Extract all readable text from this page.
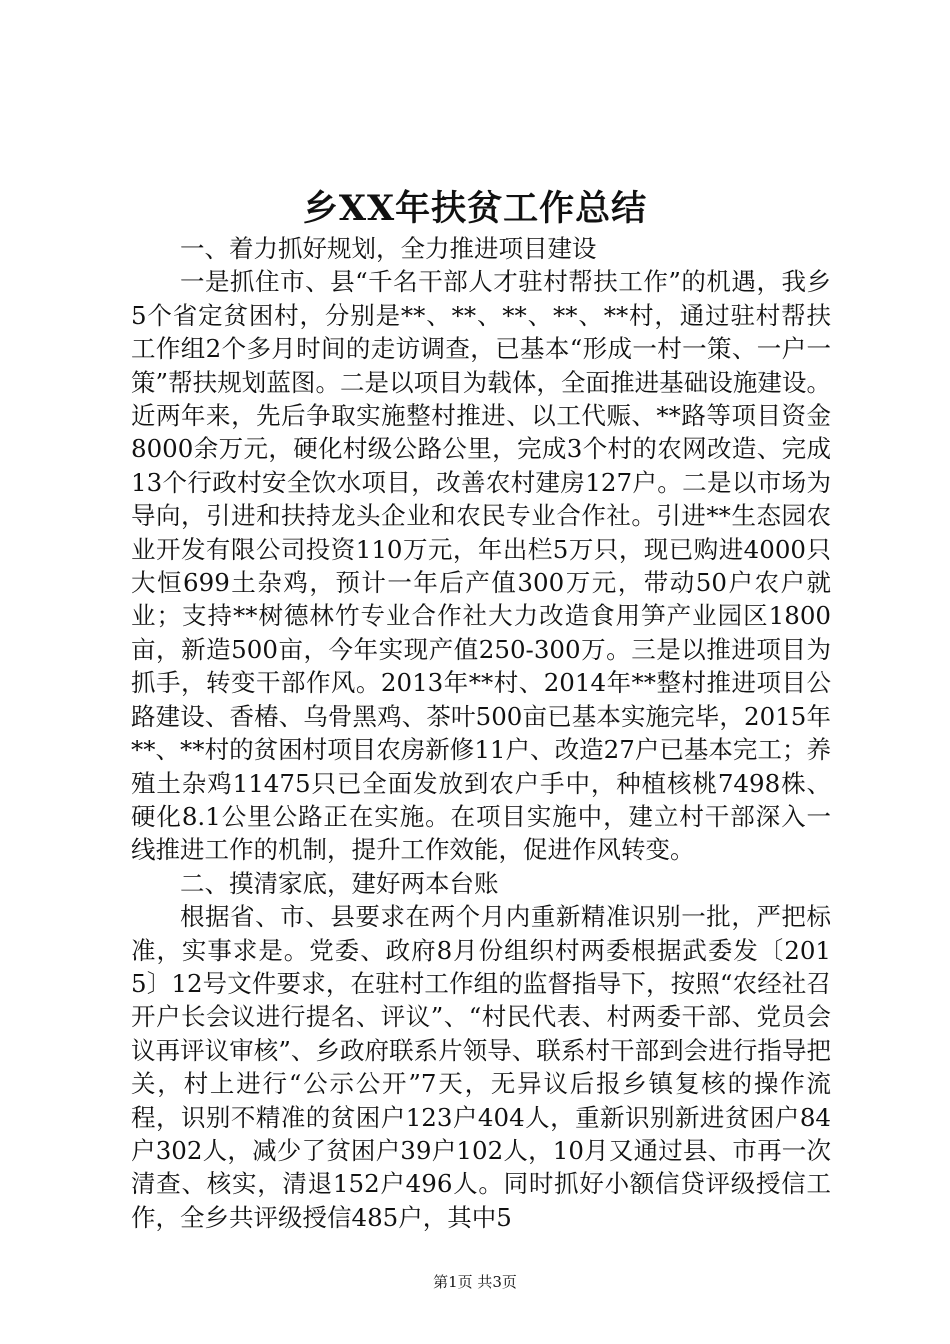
乡XX年扶贫工作总结

一、着力抓好规划，全力推进项目建设

一是抓住市、县“千名干部人才驻村帮扶工作”的机遇，我乡5个省定贫困村，分别是**、**、**、**、**村，通过驻村帮扶工作组2个多月时间的走访调查，已基本“形成一村一策、一户一策”帮扶规划蓝图。二是以项目为载体，全面推进基础设施建设。近两年来，先后争取实施整村推进、以工代赈、**路等项目资金8000余万元，硬化村级公路公里，完成3个村的农网改造、完成13个行政村安全饮水项目，改善农村建房127户。二是以市场为导向，引进和扶持龙头企业和农民专业合作社。引进**生态园农业开发有限公司投资110万元，年出栏5万只，现已购进4000只大恒699土杂鸡，预计一年后产值300万元，带动50户农户就业；支持**树德林竹专业合作社大力改造食用笋产业园区1800亩，新造500亩，今年实现产值250-300万。三是以推进项目为抓手，转变干部作风。2013年**村、2014年**整村推进项目公路建设、香椿、乌骨黑鸡、茶叶500亩已基本实施完毕，2015年**、**村的贫困村项目农房新修11户、改造27户已基本完工；养殖土杂鸡11475只已全面发放到农户手中，种植核桃7498株、硬化8.1公里公路正在实施。在项目实施中，建立村干部深入一线推进工作的机制，提升工作效能，促进作风转变。

二、摸清家底，建好两本台账

根据省、市、县要求在两个月内重新精准识别一批，严把标准，实事求是。党委、政府8月份组织村两委根据武委发〔2015〕12号文件要求，在驻村工作组的监督指导下，按照“农经社召开户长会议进行提名、评议”、“村民代表、村两委干部、党员会议再评议审核”、乡政府联系片领导、联系村干部到会进行指导把关，村上进行“公示公开”7天，无异议后报乡镇复核的操作流程，识别不精准的贫困户123户404人，重新识别新进贫困户84户302人，减少了贫困户39户102人，10月又通过县、市再一次清查、核实，清退152户496人。同时抓好小额信贷评级授信工作，全乡共评级授信485户，其中5

第1页 共3页
